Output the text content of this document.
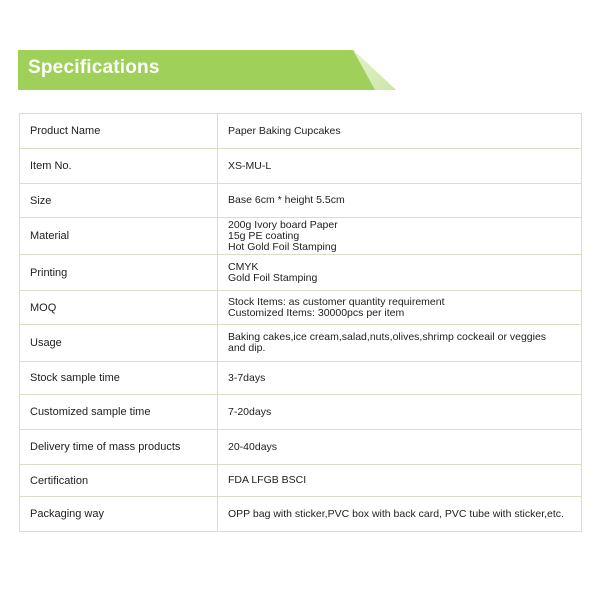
Specifications
Product Name	Paper Baking Cupcakes

Item No.	XS-MU-L

Size	Base 6cm * height 5.5cm

Material	200g Ivory board Paper
15g PE coating
Hot Gold Foil Stamping

Printing	CMYK
Gold Foil Stamping

MOQ	Stock Items: as customer quantity requirement
Customized Items: 30000pcs per item

Usage	Baking cakes,ice cream,salad,nuts,olives,shrimp cockeail or veggies
and dip.

Stock sample time	3-7days

Customized sample time	7-20days

Delivery time of mass products	20-40days

Certification	FDA LFGB BSCI

Packaging way	OPP bag with sticker,PVC box with back card, PVC tube with sticker,etc.
